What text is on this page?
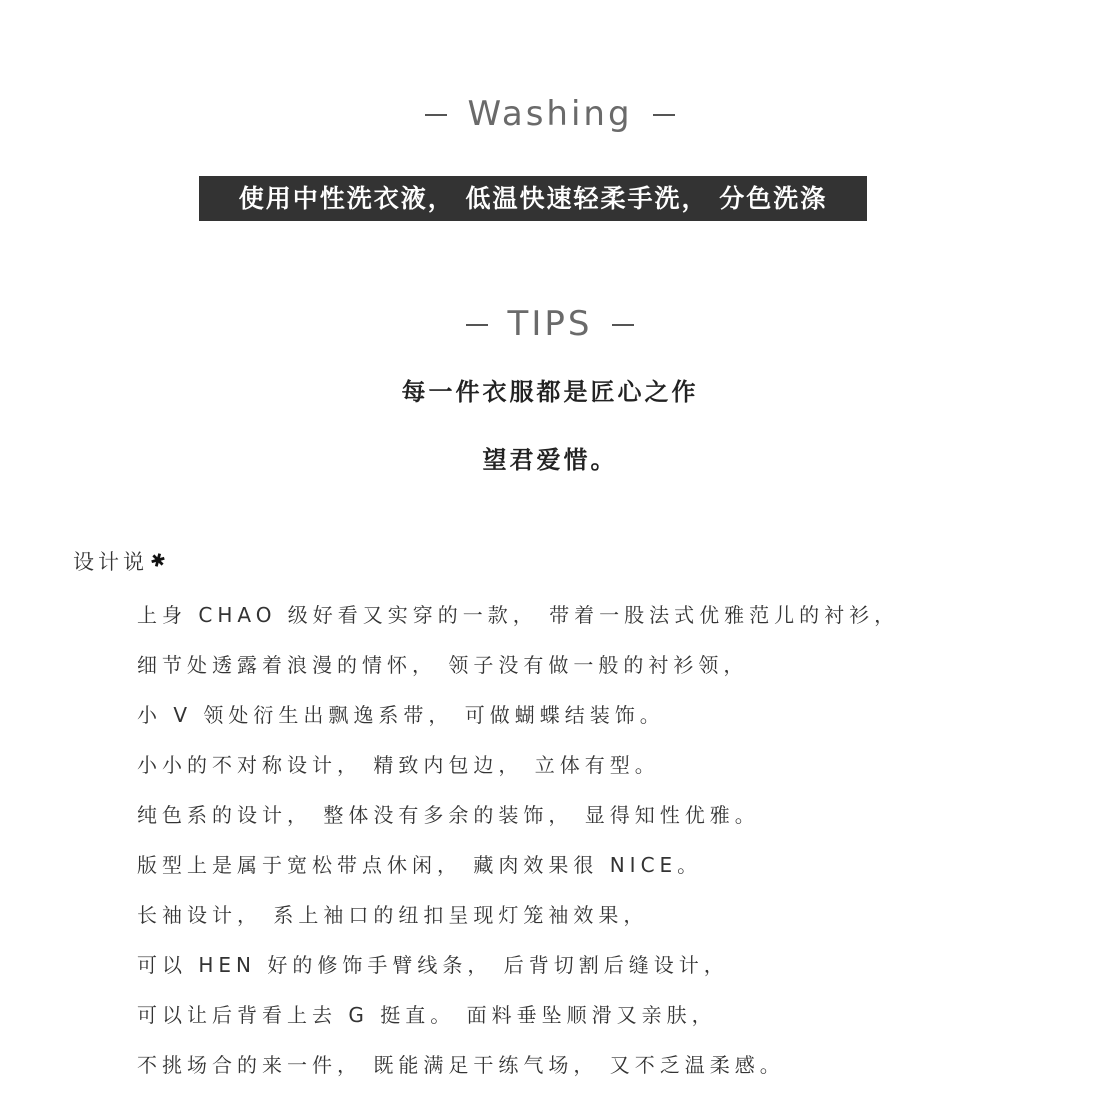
Washing
使用中性洗衣液， 低温快速轻柔手洗， 分色洗涤
TIPS
每一件衣服都是匠心之作
望君爱惜。
设计说 ✱
上身 CHAO 级好看又实穿的一款， 带着一股法式优雅范儿的衬衫，
细节处透露着浪漫的情怀， 领子没有做一般的衬衫领，
小 V 领处衍生出飘逸系带， 可做蝴蝶结装饰。
小小的不对称设计， 精致内包边， 立体有型。
纯色系的设计， 整体没有多余的装饰， 显得知性优雅。
版型上是属于宽松带点休闲， 藏肉效果很 NICE。
长袖设计， 系上袖口的纽扣呈现灯笼袖效果，
可以 HEN 好的修饰手臂线条， 后背切割后缝设计，
可以让后背看上去 G 挺直。 面料垂坠顺滑又亲肤，
不挑场合的来一件， 既能满足干练气场， 又不乏温柔感。
